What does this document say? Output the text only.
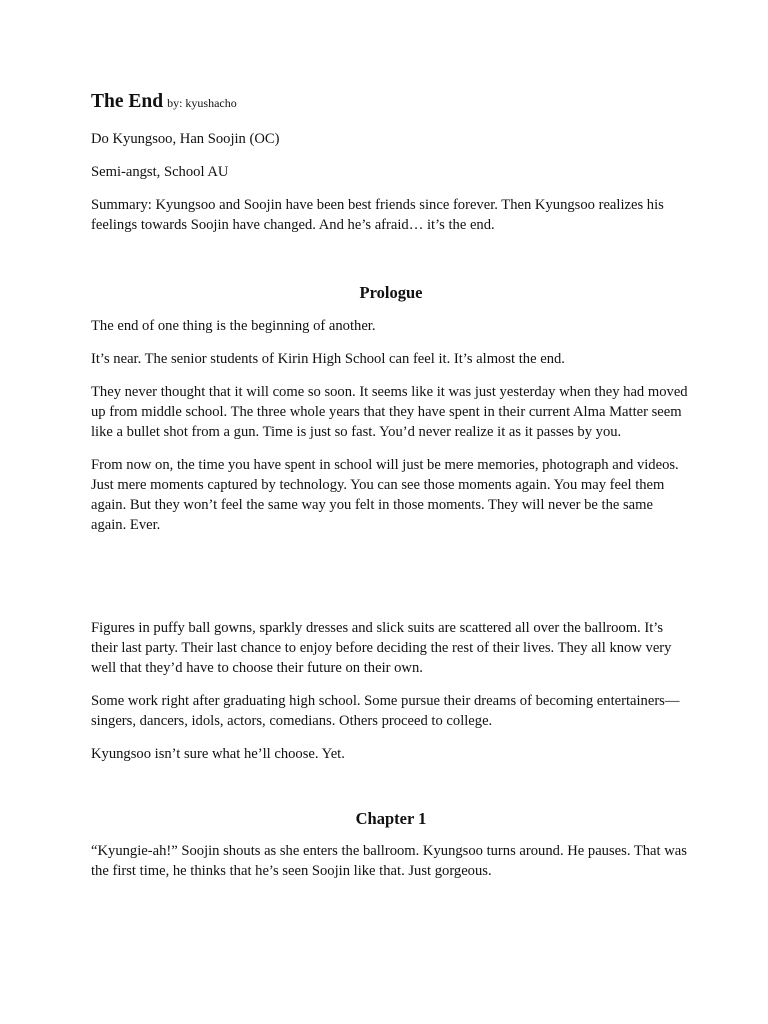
The End by: kyushacho

Do Kyungsoo, Han Soojin (OC)

Semi-angst, School AU

Summary: Kyungsoo and Soojin have been best friends since forever. Then Kyungsoo realizes his feelings towards Soojin have changed. And he’s afraid… it’s the end.

Prologue

The end of one thing is the beginning of another.

It’s near. The senior students of Kirin High School can feel it. It’s almost the end.

They never thought that it will come so soon. It seems like it was just yesterday when they had moved up from middle school. The three whole years that they have spent in their current Alma Matter seem like a bullet shot from a gun. Time is just so fast. You’d never realize it as it passes by you.

From now on, the time you have spent in school will just be mere memories, photograph and videos. Just mere moments captured by technology. You can see those moments again. You may feel them again. But they won’t feel the same way you felt in those moments. They will never be the same again. Ever.

Figures in puffy ball gowns, sparkly dresses and slick suits are scattered all over the ballroom. It’s their last party. Their last chance to enjoy before deciding the rest of their lives. They all know very well that they’d have to choose their future on their own.

Some work right after graduating high school. Some pursue their dreams of becoming entertainers—singers, dancers, idols, actors, comedians. Others proceed to college.

Kyungsoo isn’t sure what he’ll choose. Yet.

Chapter 1

“Kyungie-ah!” Soojin shouts as she enters the ballroom. Kyungsoo turns around. He pauses. That was the first time, he thinks that he’s seen Soojin like that. Just gorgeous.
